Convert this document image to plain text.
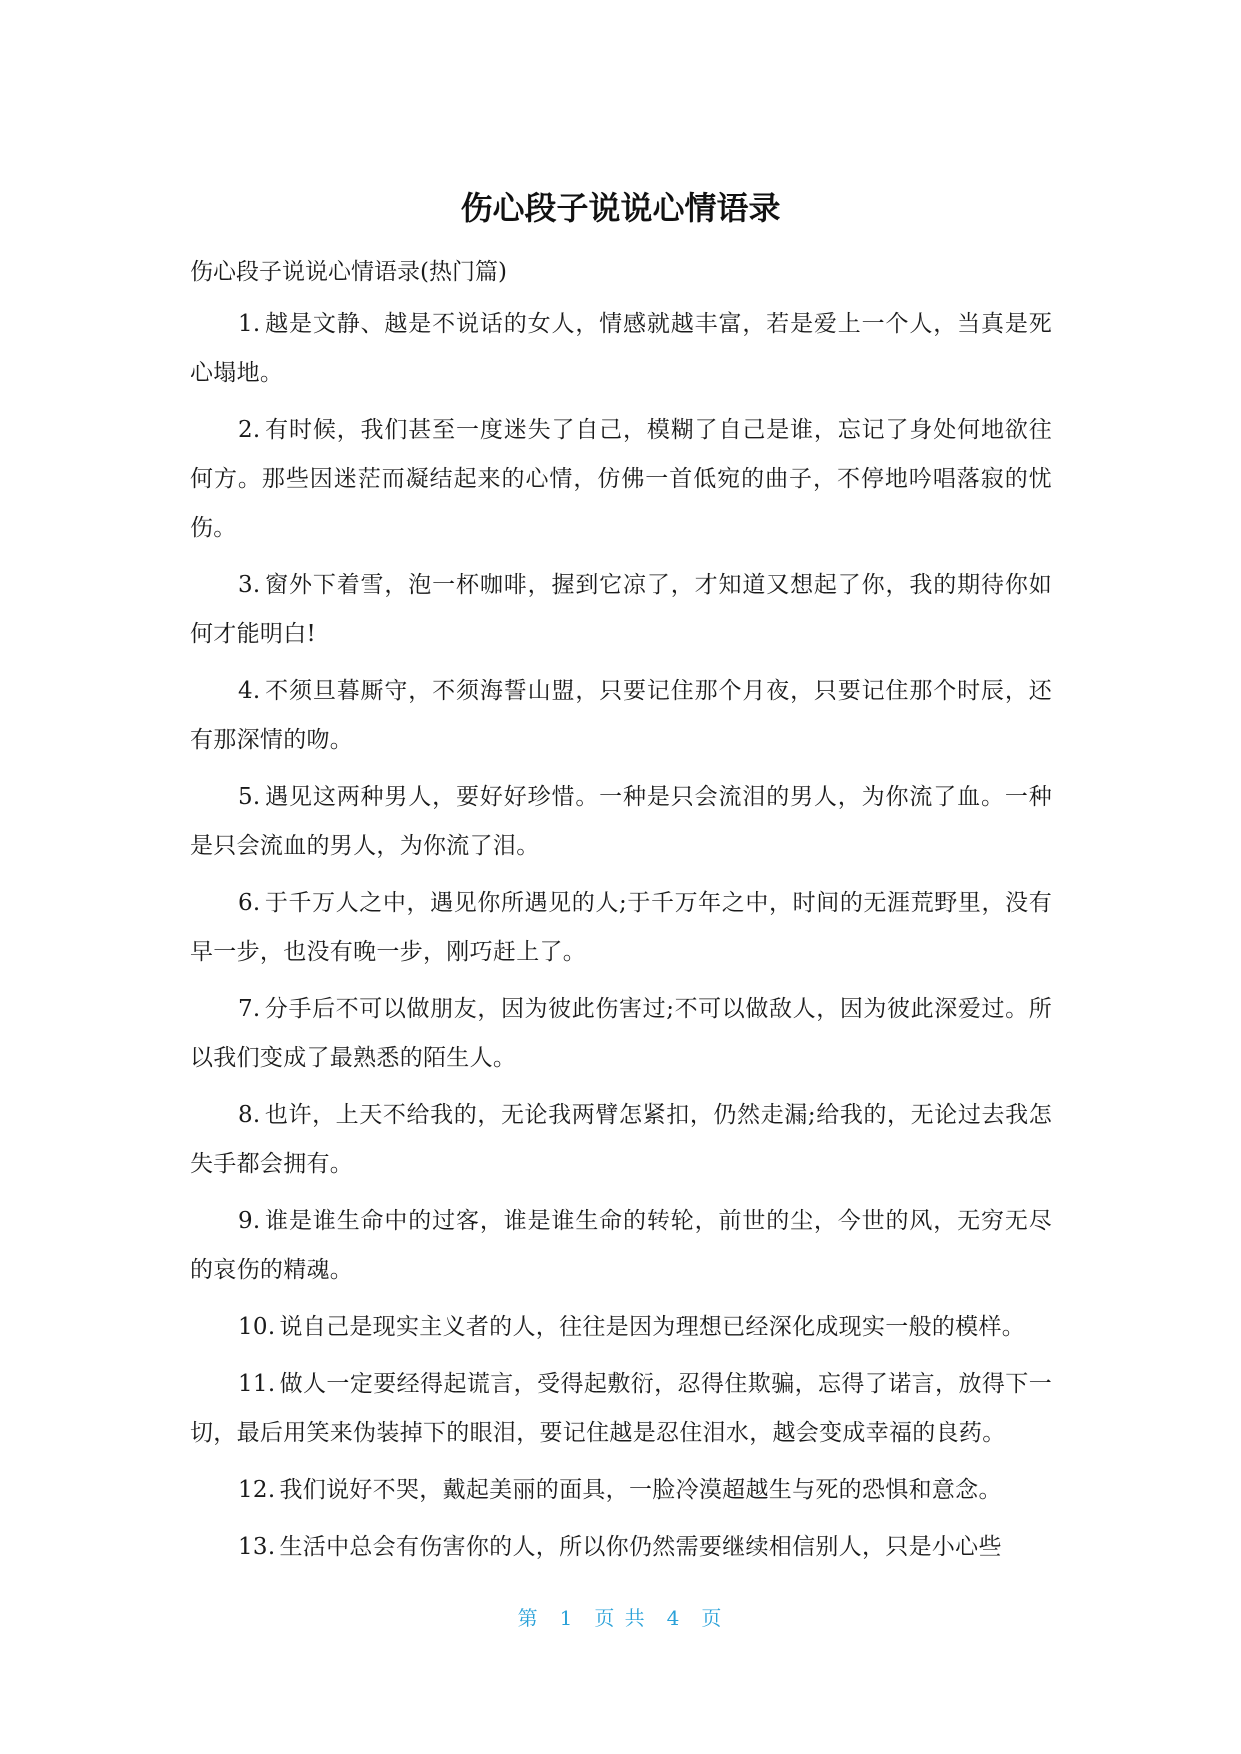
伤心段子说说心情语录

伤心段子说说心情语录(热门篇)

1. 越是文静、越是不说话的女人，情感就越丰富，若是爱上一个人，当真是死心塌地。
2. 有时候，我们甚至一度迷失了自己，模糊了自己是谁，忘记了身处何地欲往何方。那些因迷茫而凝结起来的心情，仿佛一首低宛的曲子，不停地吟唱落寂的忧伤。
3. 窗外下着雪，泡一杯咖啡，握到它凉了，才知道又想起了你，我的期待你如何才能明白!
4. 不须旦暮厮守，不须海誓山盟，只要记住那个月夜，只要记住那个时辰，还有那深情的吻。
5. 遇见这两种男人，要好好珍惜。一种是只会流泪的男人，为你流了血。一种是只会流血的男人，为你流了泪。
6. 于千万人之中，遇见你所遇见的人;于千万年之中，时间的无涯荒野里，没有早一步，也没有晚一步，刚巧赶上了。
7. 分手后不可以做朋友，因为彼此伤害过;不可以做敌人，因为彼此深爱过。所以我们变成了最熟悉的陌生人。
8. 也许，上天不给我的，无论我两臂怎紧扣，仍然走漏;给我的，无论过去我怎失手都会拥有。
9. 谁是谁生命中的过客，谁是谁生命的转轮，前世的尘，今世的风，无穷无尽的哀伤的精魂。
10. 说自己是现实主义者的人，往往是因为理想已经深化成现实一般的模样。
11. 做人一定要经得起谎言，受得起敷衍，忍得住欺骗，忘得了诺言，放得下一切，最后用笑来伪装掉下的眼泪，要记住越是忍住泪水，越会变成幸福的良药。
12. 我们说好不哭，戴起美丽的面具，一脸冷漠超越生与死的恐惧和意念。
13. 生活中总会有伤害你的人，所以你仍然需要继续相信别人，只是小心些
第 1 页 共 4 页
